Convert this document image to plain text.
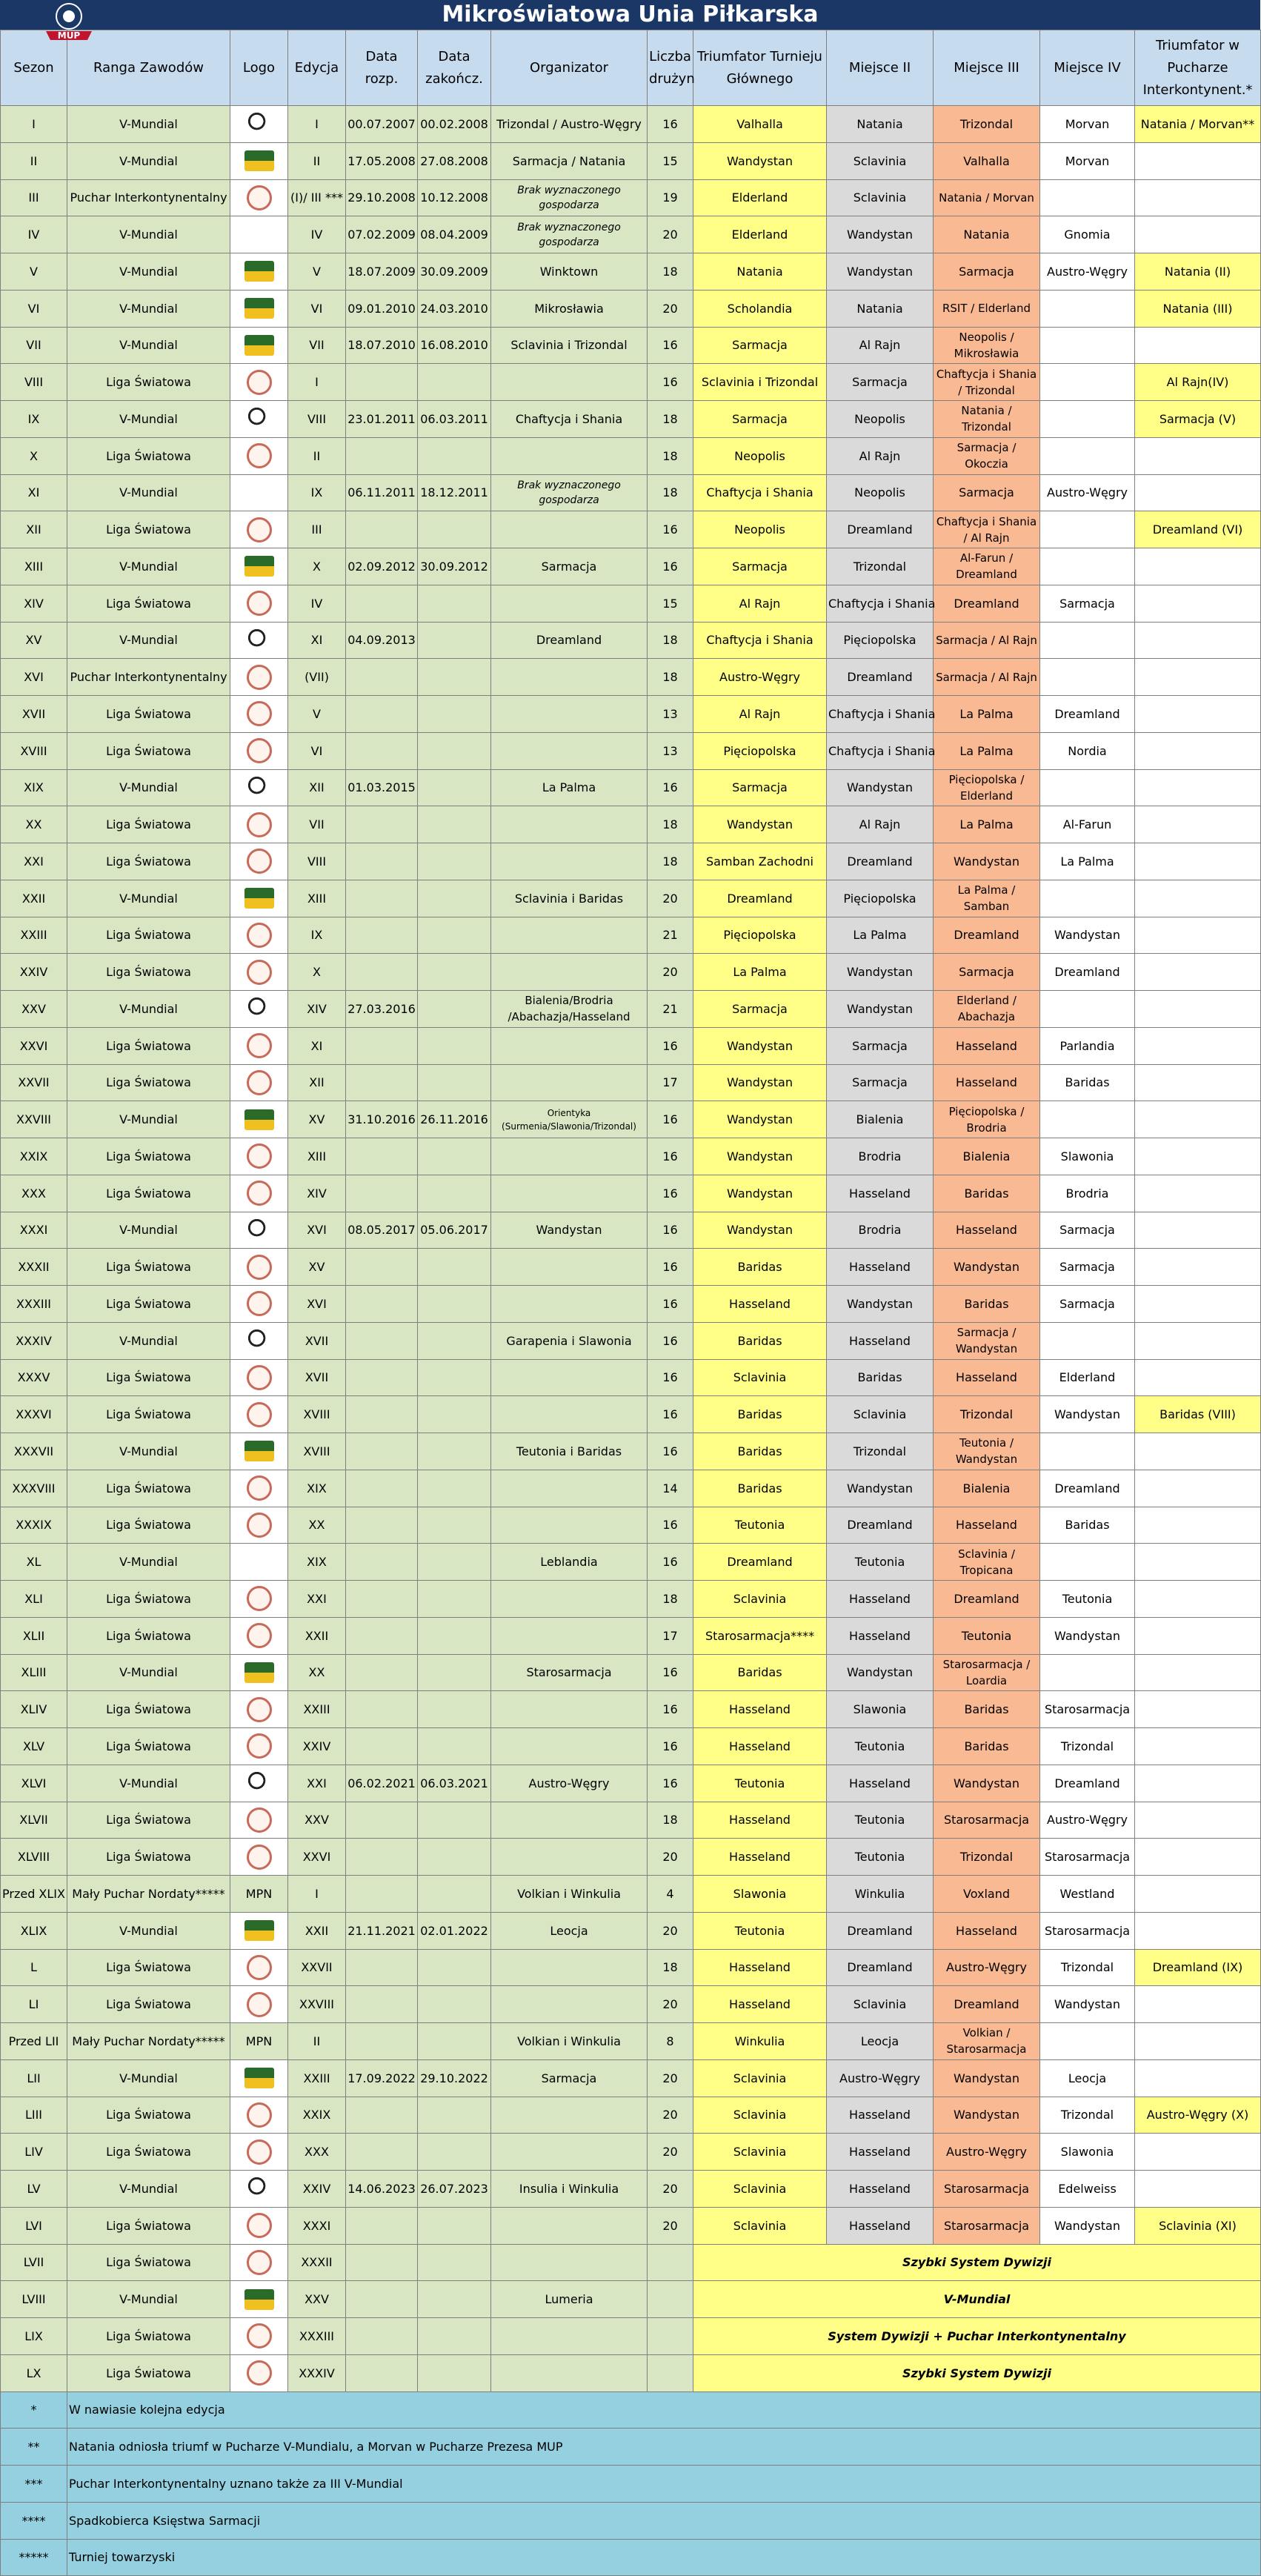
Mikroświatowa Unia Piłkarska
MUP
Sezon	Ranga Zawodów	Logo	Edycja	Data rozp.	Data zakończ.	Organizator	Liczba drużyn	Triumfator Turnieju Głównego	Miejsce II	Miejsce III	Miejsce IV	Triumfator w Pucharze Interkontynent.*
I	V-Mundial		I	00.07.2007	00.02.2008	Trizondal / Austro-Węgry	16	Valhalla	Natania	Trizondal	Morvan	Natania / Morvan**
II	V-Mundial		II	17.05.2008	27.08.2008	Sarmacja / Natania	15	Wandystan	Sclavinia	Valhalla	Morvan	
III	Puchar Interkontynentalny		(I)/ III ***	29.10.2008	10.12.2008	Brak wyznaczonego gospodarza	19	Elderland	Sclavinia	Natania / Morvan		
IV	V-Mundial		IV	07.02.2009	08.04.2009	Brak wyznaczonego gospodarza	20	Elderland	Wandystan	Natania	Gnomia	
V	V-Mundial		V	18.07.2009	30.09.2009	Winktown	18	Natania	Wandystan	Sarmacja	Austro-Węgry	Natania (II)
VI	V-Mundial		VI	09.01.2010	24.03.2010	Mikrosławia	20	Scholandia	Natania	RSIT / Elderland		Natania (III)
VII	V-Mundial		VII	18.07.2010	16.08.2010	Sclavinia i Trizondal	16	Sarmacja	Al Rajn	Neopolis / Mikrosławia		
VIII	Liga Światowa		I				16	Sclavinia i Trizondal	Sarmacja	Chaftycja i Shania / Trizondal		Al Rajn(IV)
IX	V-Mundial		VIII	23.01.2011	06.03.2011	Chaftycja i Shania	18	Sarmacja	Neopolis	Natania / Trizondal		Sarmacja (V)
X	Liga Światowa		II				18	Neopolis	Al Rajn	Sarmacja / Okoczia		
XI	V-Mundial		IX	06.11.2011	18.12.2011	Brak wyznaczonego gospodarza	18	Chaftycja i Shania	Neopolis	Sarmacja	Austro-Węgry	
XII	Liga Światowa		III				16	Neopolis	Dreamland	Chaftycja i Shania / Al Rajn		Dreamland (VI)
XIII	V-Mundial		X	02.09.2012	30.09.2012	Sarmacja	16	Sarmacja	Trizondal	Al-Farun / Dreamland		
XIV	Liga Światowa		IV				15	Al Rajn	Chaftycja i Shania	Dreamland	Sarmacja	
XV	V-Mundial		XI	04.09.2013		Dreamland	18	Chaftycja i Shania	Pięciopolska	Sarmacja / Al Rajn		
XVI	Puchar Interkontynentalny		(VII)				18	Austro-Węgry	Dreamland	Sarmacja / Al Rajn		
XVII	Liga Światowa		V				13	Al Rajn	Chaftycja i Shania	La Palma	Dreamland	
XVIII	Liga Światowa		VI				13	Pięciopolska	Chaftycja i Shania	La Palma	Nordia	
XIX	V-Mundial		XII	01.03.2015		La Palma	16	Sarmacja	Wandystan	Pięciopolska / Elderland		
XX	Liga Światowa		VII				18	Wandystan	Al Rajn	La Palma	Al-Farun	
XXI	Liga Światowa		VIII				18	Samban Zachodni	Dreamland	Wandystan	La Palma	
XXII	V-Mundial		XIII			Sclavinia i Baridas	20	Dreamland	Pięciopolska	La Palma / Samban		
XXIII	Liga Światowa		IX				21	Pięciopolska	La Palma	Dreamland	Wandystan	
XXIV	Liga Światowa		X				20	La Palma	Wandystan	Sarmacja	Dreamland	
XXV	V-Mundial		XIV	27.03.2016		Bialenia/Brodria /Abachazja/Hasseland	21	Sarmacja	Wandystan	Elderland / Abachazja		
XXVI	Liga Światowa		XI				16	Wandystan	Sarmacja	Hasseland	Parlandia	
XXVII	Liga Światowa		XII				17	Wandystan	Sarmacja	Hasseland	Baridas	
XXVIII	V-Mundial		XV	31.10.2016	26.11.2016	Orientyka (Surmenia/Slawonia/Trizondal)	16	Wandystan	Bialenia	Pięciopolska / Brodria		
XXIX	Liga Światowa		XIII				16	Wandystan	Brodria	Bialenia	Slawonia	
XXX	Liga Światowa		XIV				16	Wandystan	Hasseland	Baridas	Brodria	
XXXI	V-Mundial		XVI	08.05.2017	05.06.2017	Wandystan	16	Wandystan	Brodria	Hasseland	Sarmacja	
XXXII	Liga Światowa		XV				16	Baridas	Hasseland	Wandystan	Sarmacja	
XXXIII	Liga Światowa		XVI				16	Hasseland	Wandystan	Baridas	Sarmacja	
XXXIV	V-Mundial		XVII			Garapenia i Slawonia	16	Baridas	Hasseland	Sarmacja / Wandystan		
XXXV	Liga Światowa		XVII				16	Sclavinia	Baridas	Hasseland	Elderland	
XXXVI	Liga Światowa		XVIII				16	Baridas	Sclavinia	Trizondal	Wandystan	Baridas (VIII)
XXXVII	V-Mundial		XVIII			Teutonia i Baridas	16	Baridas	Trizondal	Teutonia / Wandystan		
XXXVIII	Liga Światowa		XIX				14	Baridas	Wandystan	Bialenia	Dreamland	
XXXIX	Liga Światowa		XX				16	Teutonia	Dreamland	Hasseland	Baridas	
XL	V-Mundial		XIX			Leblandia	16	Dreamland	Teutonia	Sclavinia / Tropicana		
XLI	Liga Światowa		XXI				18	Sclavinia	Hasseland	Dreamland	Teutonia	
XLII	Liga Światowa		XXII				17	Starosarmacja****	Hasseland	Teutonia	Wandystan	
XLIII	V-Mundial		XX			Starosarmacja	16	Baridas	Wandystan	Starosarmacja / Loardia		
XLIV	Liga Światowa		XXIII				16	Hasseland	Slawonia	Baridas	Starosarmacja	
XLV	Liga Światowa		XXIV				16	Hasseland	Teutonia	Baridas	Trizondal	
XLVI	V-Mundial		XXI	06.02.2021	06.03.2021	Austro-Węgry	16	Teutonia	Hasseland	Wandystan	Dreamland	
XLVII	Liga Światowa		XXV				18	Hasseland	Teutonia	Starosarmacja	Austro-Węgry	
XLVIII	Liga Światowa		XXVI				20	Hasseland	Teutonia	Trizondal	Starosarmacja	
Przed XLIX	Mały Puchar Nordaty*****	MPN	I			Volkian i Winkulia	4	Slawonia	Winkulia	Voxland	Westland	
XLIX	V-Mundial		XXII	21.11.2021	02.01.2022	Leocja	20	Teutonia	Dreamland	Hasseland	Starosarmacja	
L	Liga Światowa		XXVII				18	Hasseland	Dreamland	Austro-Węgry	Trizondal	Dreamland (IX)
LI	Liga Światowa		XXVIII				20	Hasseland	Sclavinia	Dreamland	Wandystan	
Przed LII	Mały Puchar Nordaty*****	MPN	II			Volkian i Winkulia	8	Winkulia	Leocja	Volkian / Starosarmacja		
LII	V-Mundial		XXIII	17.09.2022	29.10.2022	Sarmacja	20	Sclavinia	Austro-Węgry	Wandystan	Leocja	
LIII	Liga Światowa		XXIX				20	Sclavinia	Hasseland	Wandystan	Trizondal	Austro-Węgry (X)
LIV	Liga Światowa		XXX				20	Sclavinia	Hasseland	Austro-Węgry	Slawonia	
LV	V-Mundial		XXIV	14.06.2023	26.07.2023	Insulia i Winkulia	20	Sclavinia	Hasseland	Starosarmacja	Edelweiss	
LVI	Liga Światowa		XXXI				20	Sclavinia	Hasseland	Starosarmacja	Wandystan	Sclavinia (XI)
LVII	Liga Światowa		XXXII					Szybki System Dywizji				
LVIII	V-Mundial		XXV			Lumeria		V-Mundial				
LIX	Liga Światowa		XXXIII					System Dywizji + Puchar Interkontynentalny				
LX	Liga Światowa		XXXIV					Szybki System Dywizji				
*	W nawiasie kolejna edycja											
**	Natania odniosła triumf w Pucharze V-Mundialu, a Morvan w Pucharze Prezesa MUP											
***	Puchar Interkontynentalny uznano także za III V-Mundial											
****	Spadkobierca Księstwa Sarmacji											
*****	Turniej towarzyski											
